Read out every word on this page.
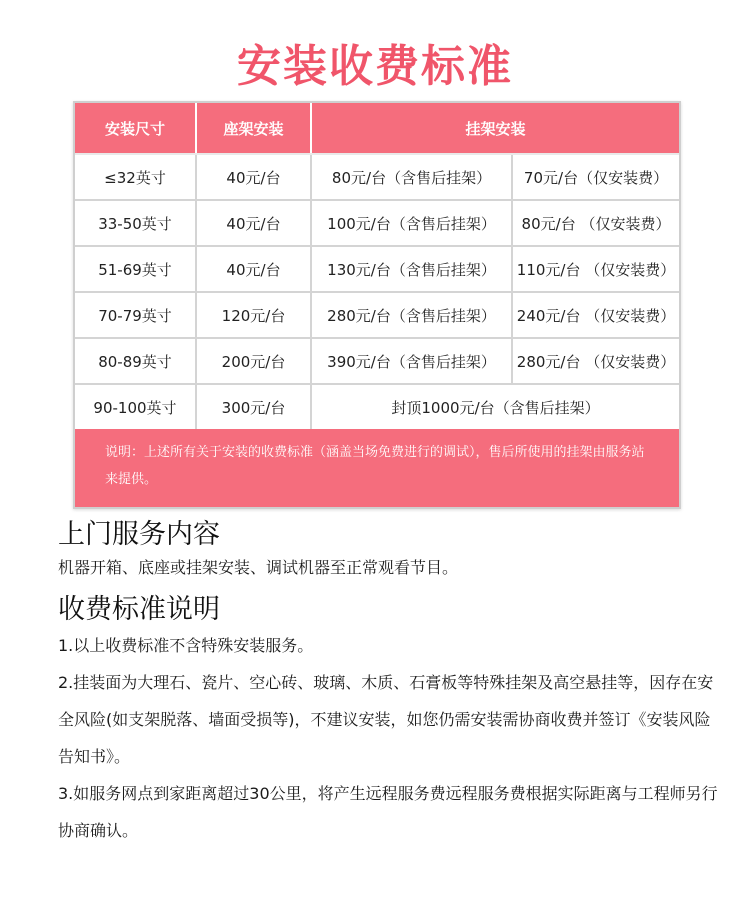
安装收费标准
安装尺寸	座架安装	挂架安装	
≤32英寸	40元/台	80元/台（含售后挂架）	70元/台（仅安装费）
33-50英寸	40元/台	100元/台（含售后挂架）	80元/台 （仅安装费）
51-69英寸	40元/台	130元/台（含售后挂架）	110元/台 （仅安装费）
70-79英寸	120元/台	280元/台（含售后挂架）	240元/台 （仅安装费）
80-89英寸	200元/台	390元/台（含售后挂架）	280元/台 （仅安装费）
90-100英寸	300元/台	封顶1000元/台（含售后挂架）	
说明：上述所有关于安装的收费标准（涵盖当场免费进行的调试），售后所使用的挂架由服务站来提供。
上门服务内容
机器开箱、底座或挂架安装、调试机器至正常观看节目。
收费标准说明

1.以上收费标准不含特殊安装服务。

2.挂装面为大理石、瓷片、空心砖、玻璃、木质、石膏板等特殊挂架及高空悬挂等，因存在安全风险(如支架脱落、墙面受损等)，不建议安装，如您仍需安装需协商收费并签订《安装风险告知书》。

3.如服务网点到家距离超过30公里，将产生远程服务费远程服务费根据实际距离与工程师另行协商确认。
